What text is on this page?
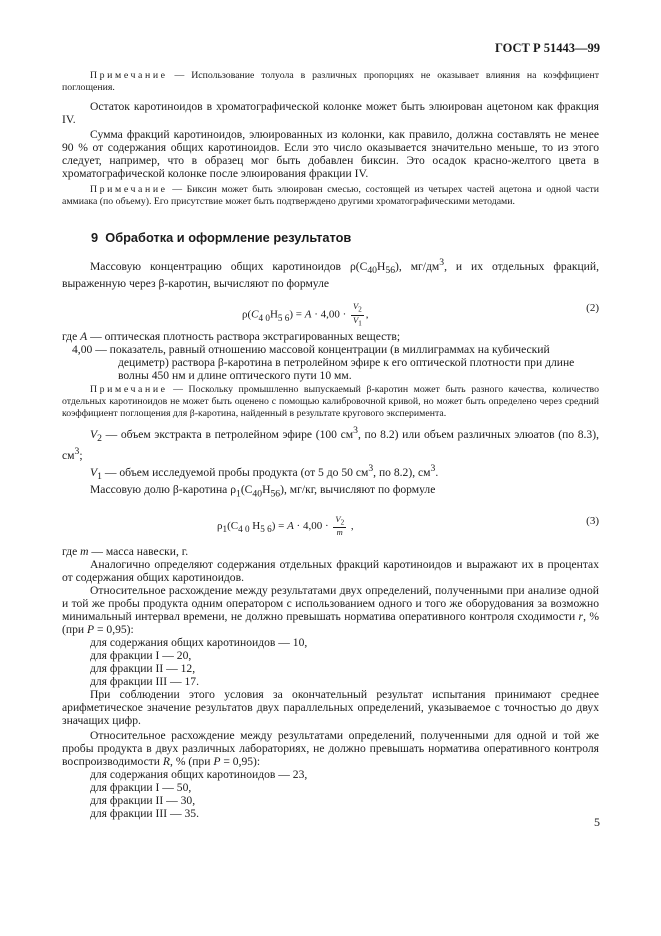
ГОСТ Р 51443—99

Примечание — Использование толуола в различных пропорциях не оказывает влияния на коэффициент поглощения.

Остаток каротиноидов в хроматографической колонке может быть элюирован ацетоном как фракция IV.

Сумма фракций каротиноидов, элюированных из колонки, как правило, должна составлять не менее 90 % от содержания общих каротиноидов. Если это число оказывается значительно меньше, то из этого следует, например, что в образец мог быть добавлен биксин. Это осадок красно-желтого цвета в хроматографической колонке после элюирования фракции IV.

Примечание — Биксин может быть элюирован смесью, состоящей из четырех частей ацетона и одной части аммиака (по объему). Его присутствие может быть подтверждено другими хроматографическими методами.

9 Обработка и оформление результатов

Массовую концентрацию общих каротиноидов $\rho(C_{40}H_{56})$, $мг/дм^3$, и их отдельных фракций, выраженную через β-каротин, вычисляют по формуле

$\rho(C_{4 0}H_{5 6}) = A \cdot 4,00 \cdot \frac{V_2}{V_1}$ ,
(2)

где A — оптическая плотность раствора экстрагированных веществ;

4,00 — показатель, равный отношению массовой концентрации (в миллиграммах на кубический

дециметр) раствора β-каротина в петролейном эфире к его оптической плотности при длине

волны 450 нм и длине оптического пути 10 мм.

Примечание — Поскольку промышленно выпускаемый β-каротин может быть разного качества, количество отдельных каротиноидов не может быть оценено с помощью калибровочной кривой, но может быть определено через средний коэффициент поглощения для β-каротина, найденный в результате кругового эксперимента.

$V_2$ — объем экстракта в петролейном эфире (100 $см^3$, по 8.2) или объем различных элюатов (по 8.3), $см^3$;

$V_1$ — объем исследуемой пробы продукта (от 5 до 50 $см^3$, по 8.2), $см^3$.

Массовую долю β-каротина $\rho_1(C_{40}H_{56})$, мг/кг, вычисляют по формуле

$\rho_1(C_{4 0}$ $H_{5 6}) = A \cdot 4,00 \cdot \frac{V_2}{m}$ ,	(3)

где m — масса навески, г.

Аналогично определяют содержания отдельных фракций каротиноидов и выражают их в процентах от содержания общих каротиноидов.

Относительное расхождение между результатами двух определений, полученными при анализе одной и той же пробы продукта одним оператором с использованием одного и того же оборудования за возможно минимальный интервал времени, не должно превышать норматива оперативного контроля сходимости r, % (при P = 0,95):

для содержания общих каротиноидов — 10,

для фракции I — 20,

для фракции II — 12,

для фракции III — 17.

При соблюдении этого условия за окончательный результат испытания принимают среднее арифметическое значение результатов двух параллельных определений, указываемое с точностью до двух значащих цифр.

Относительное расхождение между результатами определений, полученными для одной и той же пробы продукта в двух различных лабораториях, не должно превышать норматива оперативного контроля воспроизводимости R, % (при P = 0,95):

для содержания общих каротиноидов — 23,

для фракции I — 50,

для фракции II — 30,

для фракции III — 35.

5
